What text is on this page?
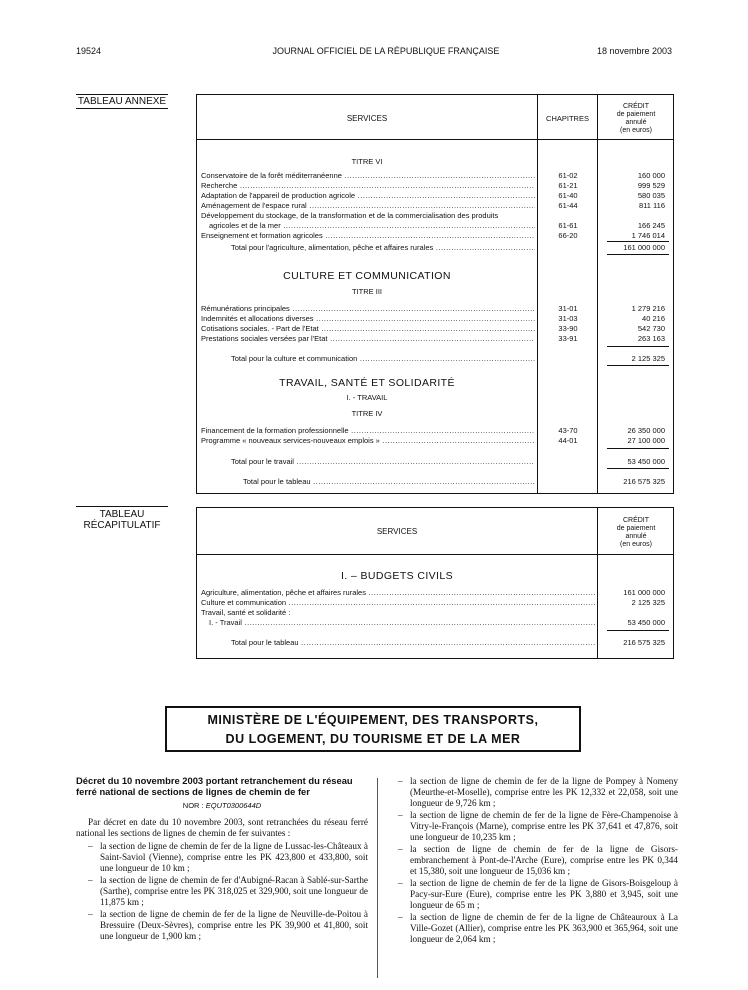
19524	JOURNAL OFFICIEL DE LA RÉPUBLIQUE FRANÇAISE	18 novembre 2003
TABLEAU ANNEXE
SERVICES	CHAPITRES
CRÉDIT
de paiement
annulé
(en euros)
TITRE VI
Conservatoire de la forêt méditerranéenne .....	61-02	160 000
Recherche .....	61-21	999 529
Adaptation de l'appareil de production agricole .....	61-40	580 035
Aménagement de l'espace rural .....	61-44	811 116
Développement du stockage, de la transformation et de la commercialisation des produits
agricoles et de la mer .....	61-61	166 245
Enseignement et formation agricoles .....	66-20	1 746 014
Total pour l'agriculture, alimentation, pêche et affaires rurales .....	161 000 000
CULTURE ET COMMUNICATION
TITRE III
Rémunérations principales .....	31-01	1 279 216
Indemnités et allocations diverses .....	31-03	40 216
Cotisations sociales. - Part de l'Etat .....	33-90	542 730
Prestations sociales versées par l'Etat .....	33-91	263 163
Total pour la culture et communication .....	2 125 325
TRAVAIL, SANTÉ ET SOLIDARITÉ
I. - TRAVAIL
TITRE IV
Financement de la formation professionnelle .....	43-70	26 350 000
Programme « nouveaux services-nouveaux emplois » .....	44-01	27 100 000
Total pour le travail .....	53 450 000
Total pour le tableau .....	216 575 325
TABLEAU
RÉCAPITULATIF
SERVICES
CRÉDIT
de paiement
annulé
(en euros)
I. – BUDGETS CIVILS
Agriculture, alimentation, pêche et affaires rurales .....	161 000 000
Culture et communication .....	2 125 325
Travail, santé et solidarité :
I. - Travail .....	53 450 000
Total pour le tableau .....	216 575 325
MINISTÈRE DE L'ÉQUIPEMENT, DES TRANSPORTS,
DU LOGEMENT, DU TOURISME ET DE LA MER
Décret du 10 novembre 2003 portant retranchement du réseau ferré national de sections de lignes de chemin de fer
NOR : EQUT0300644D
Par décret en date du 10 novembre 2003, sont retranchées du réseau ferré national les sections de lignes de chemin de fer suivantes :
– la section de ligne de chemin de fer de la ligne de Lussac-les-Châteaux à Saint-Saviol (Vienne), comprise entre les PK 423,800 et 433,800, soit une longueur de 10 km ;
– la section de ligne de chemin de fer d'Aubigné-Racan à Sablé-sur-Sarthe (Sarthe), comprise entre les PK 318,025 et 329,900, soit une longueur de 11,875 km ;
– la section de ligne de chemin de fer de la ligne de Neuville-de-Poitou à Bressuire (Deux-Sèvres), comprise entre les PK 39,900 et 41,800, soit une longueur de 1,900 km ;
– la section de ligne de chemin de fer de la ligne de Pompey à Nomeny (Meurthe-et-Moselle), comprise entre les PK 12,332 et 22,058, soit une longueur de 9,726 km ;
– la section de ligne de chemin de fer de la ligne de Fère-Champenoise à Vitry-le-François (Marne), comprise entre les PK 37,641 et 47,876, soit une longueur de 10,235 km ;
– la section de ligne de chemin de fer de la ligne de Gisors-embranchement à Pont-de-l'Arche (Eure), comprise entre les PK 0,344 et 15,380, soit une longueur de 15,036 km ;
– la section de ligne de chemin de fer de la ligne de Gisors-Boisgeloup à Pacy-sur-Eure (Eure), comprise entre les PK 3,880 et 3,945, soit une longueur de 65 m ;
– la section de ligne de chemin de fer de la ligne de Châteauroux à La Ville-Gozet (Allier), comprise entre les PK 363,900 et 365,964, soit une longueur de 2,064 km ;
